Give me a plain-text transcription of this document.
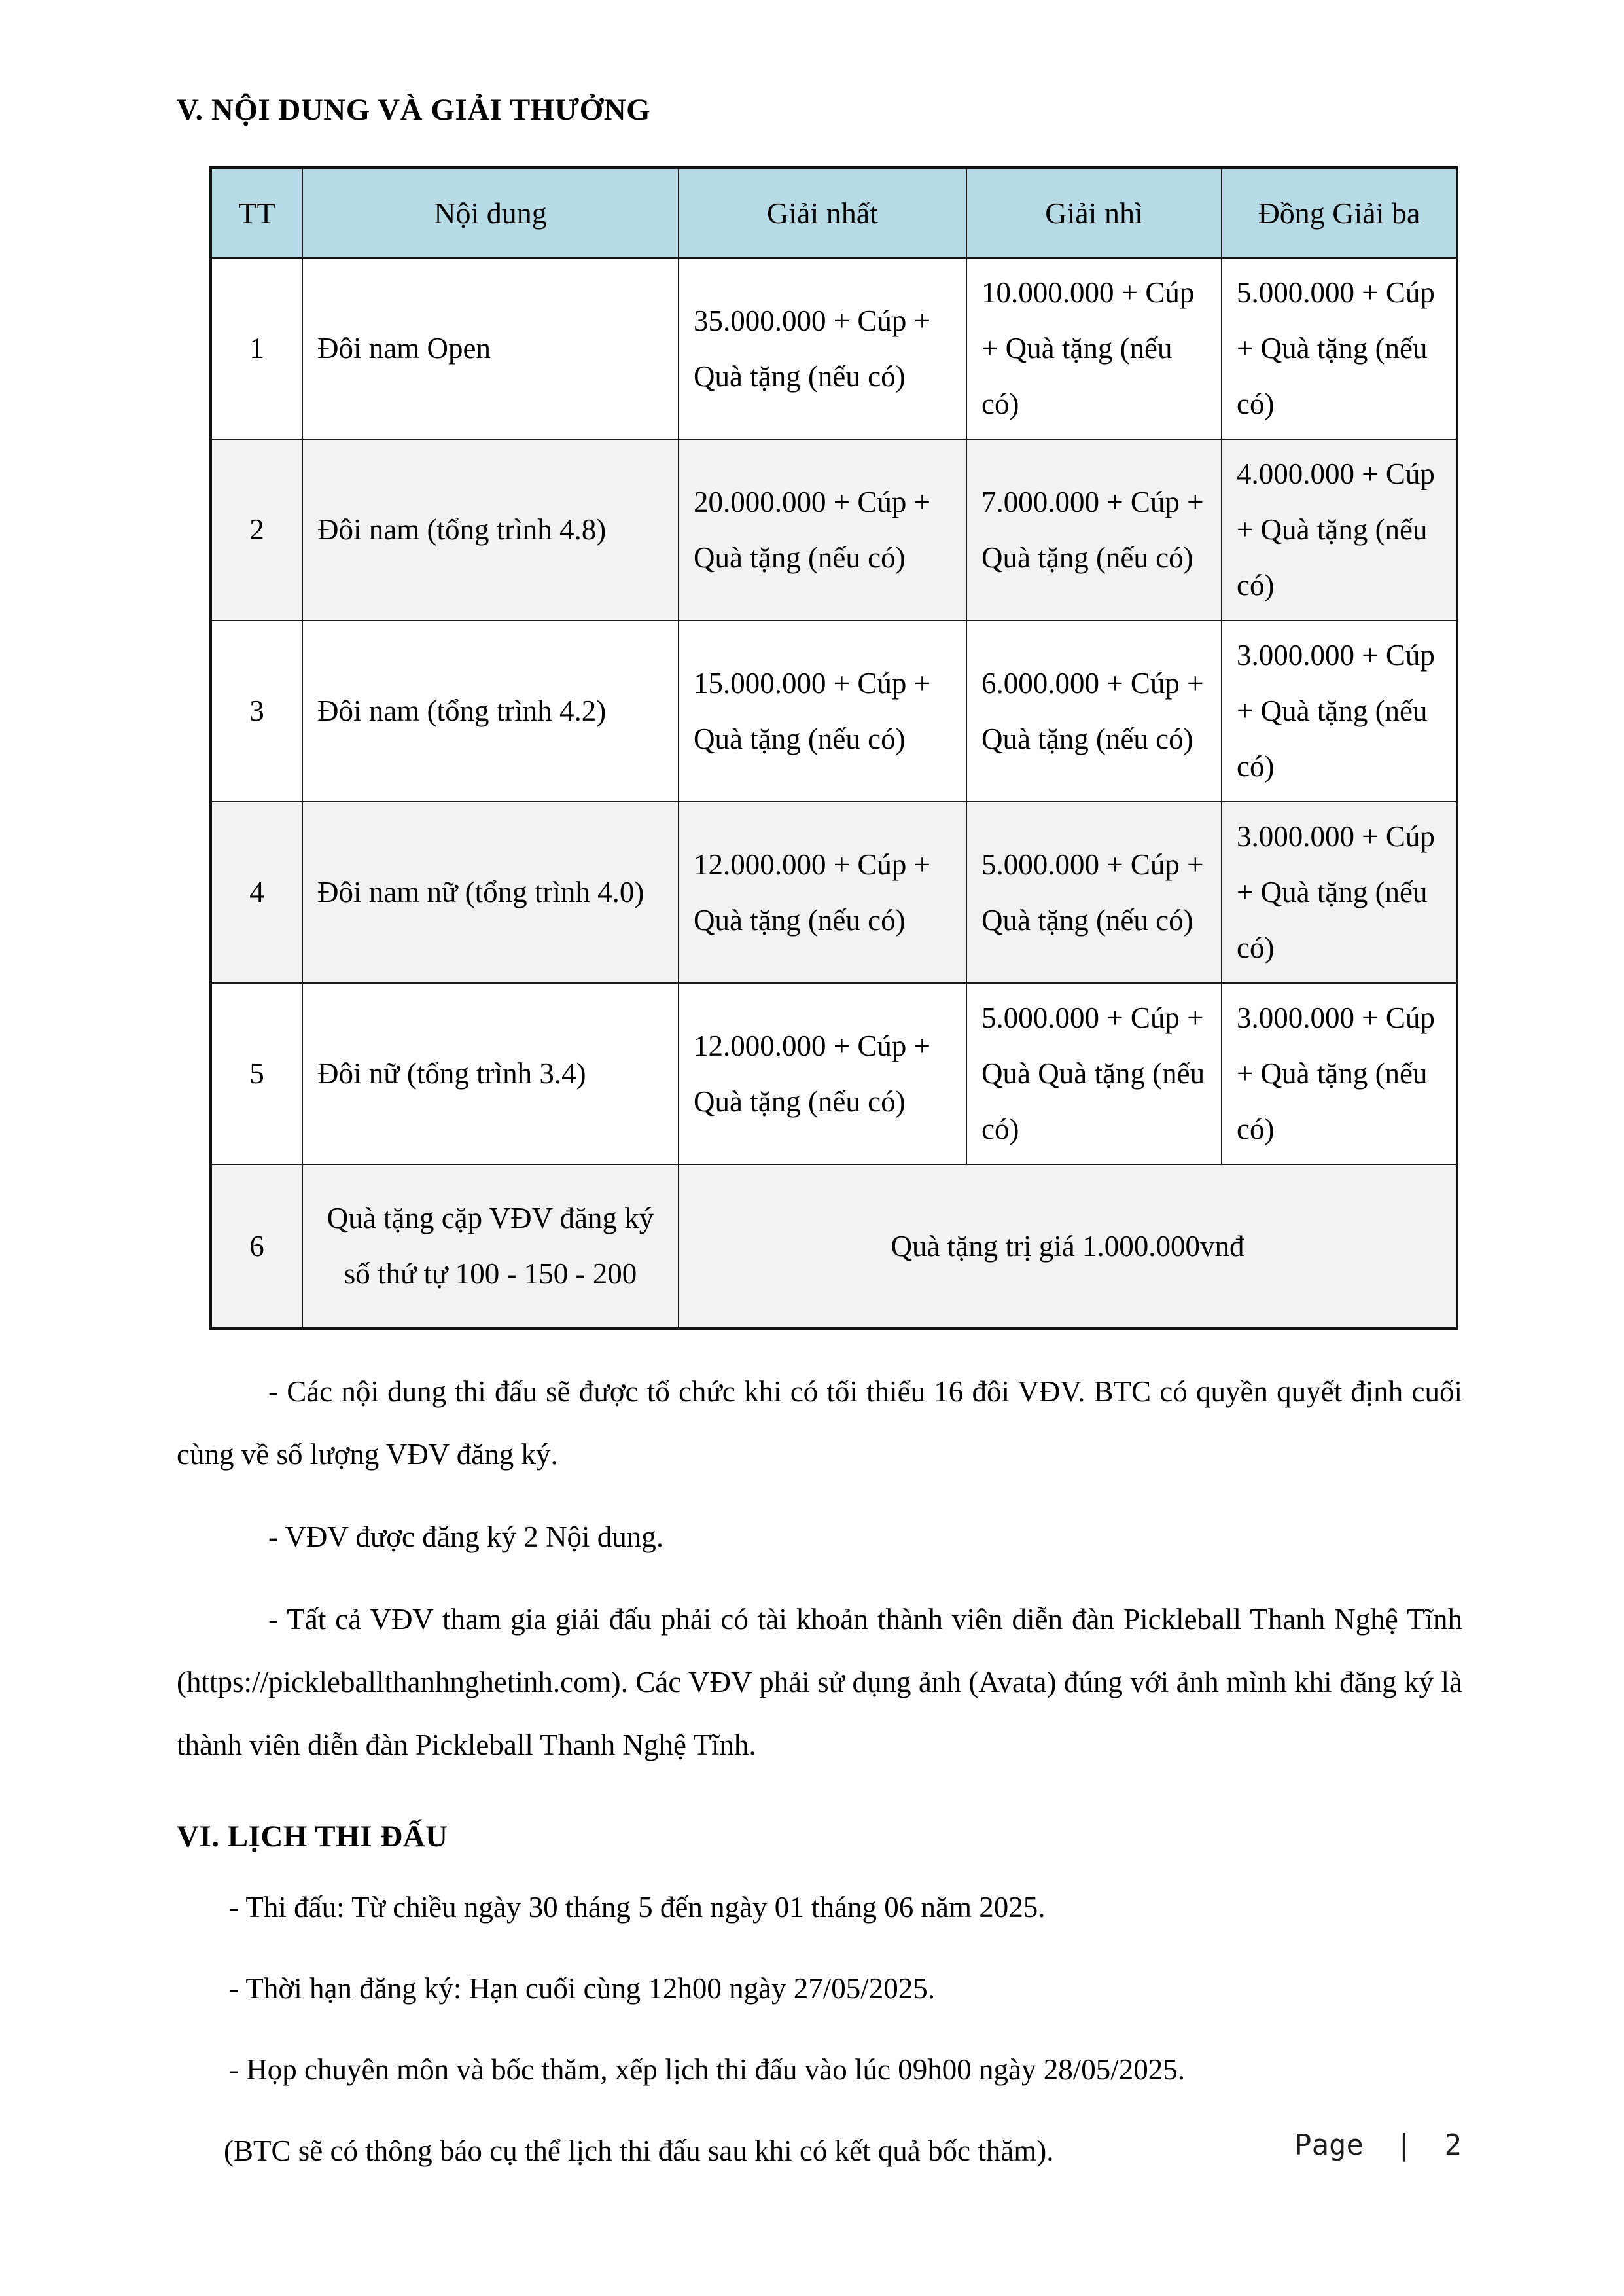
V. NỘI DUNG VÀ GIẢI THƯỞNG
TT	Nội dung	Giải nhất	Giải nhì	Đồng Giải ba
1	Đôi nam Open	35.000.000 + Cúp + Quà tặng (nếu có)	10.000.000 + Cúp + Quà tặng (nếu có)	5.000.000 + Cúp + Quà tặng (nếu có)
2	Đôi nam (tổng trình 4.8)	20.000.000 + Cúp + Quà tặng (nếu có)	7.000.000 + Cúp + Quà tặng (nếu có)	4.000.000 + Cúp + Quà tặng (nếu có)
3	Đôi nam (tổng trình 4.2)	15.000.000 + Cúp + Quà tặng (nếu có)	6.000.000 + Cúp + Quà tặng (nếu có)	3.000.000 + Cúp + Quà tặng (nếu có)
4	Đôi nam nữ (tổng trình 4.0)	12.000.000 + Cúp + Quà tặng (nếu có)	5.000.000 + Cúp + Quà tặng (nếu có)	3.000.000 + Cúp + Quà tặng (nếu có)
5	Đôi nữ (tổng trình 3.4)	12.000.000 + Cúp + Quà tặng (nếu có)	5.000.000 + Cúp + Quà Quà tặng (nếu có)	3.000.000 + Cúp + Quà tặng (nếu có)
6	Quà tặng cặp VĐV đăng ký số thứ tự 100 - 150 - 200	Quà tặng trị giá 1.000.000vnđ		

- Các nội dung thi đấu sẽ được tổ chức khi có tối thiểu 16 đôi VĐV. BTC có quyền quyết định cuối cùng về số lượng VĐV đăng ký.

- VĐV được đăng ký 2 Nội dung.

- Tất cả VĐV tham gia giải đấu phải có tài khoản thành viên diễn đàn Pickleball Thanh Nghệ Tĩnh (https://pickleballthanhnghetinh.com). Các VĐV phải sử dụng ảnh (Avata) đúng với ảnh mình khi đăng ký là thành viên diễn đàn Pickleball Thanh Nghệ Tĩnh.

VI. LỊCH THI ĐẤU

- Thi đấu: Từ chiều ngày 30 tháng 5 đến ngày 01 tháng 06 năm 2025.

- Thời hạn đăng ký: Hạn cuối cùng 12h00 ngày 27/05/2025.

- Họp chuyên môn và bốc thăm, xếp lịch thi đấu vào lúc 09h00 ngày 28/05/2025.

(BTC sẽ có thông báo cụ thể lịch thi đấu sau khi có kết quả bốc thăm).	Page | 2
